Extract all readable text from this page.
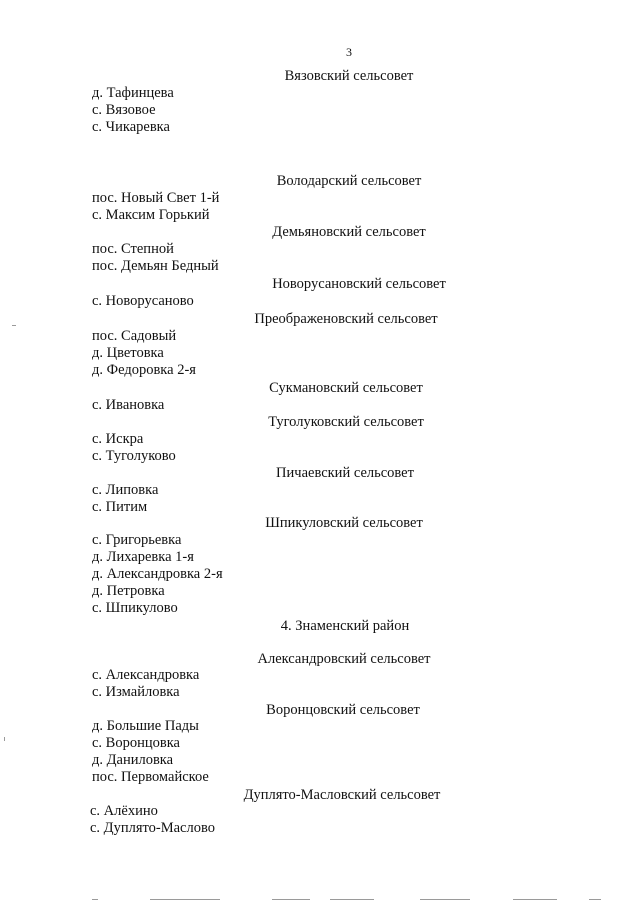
3
Вязовский сельсовет
д. Тафинцева
с. Вязовое
с. Чикаревка
Володарский сельсовет
пос. Новый Свет 1-й
с. Максим Горький
Демьяновский сельсовет
пос. Степной
пос. Демьян Бедный
Новорусановский сельсовет
с. Новорусаново
Преображеновский сельсовет
пос. Садовый
д. Цветовка
д. Федоровка 2-я
Сукмановский сельсовет
с. Ивановка
Туголуковский сельсовет
с. Искра
с. Туголуково
Пичаевский сельсовет
с. Липовка
с. Питим
Шпикуловский сельсовет
с. Григорьевка
д. Лихаревка 1-я
д. Александровка 2-я
д. Петровка
с. Шпикулово
4. Знаменский район
Александровский сельсовет
с. Александровка
с. Измайловка
Воронцовский сельсовет
д. Большие Пады
с. Воронцовка
д. Даниловка
пос. Первомайское
Дуплято-Масловский сельсовет
с. Алёхино
с. Дуплято-Маслово
